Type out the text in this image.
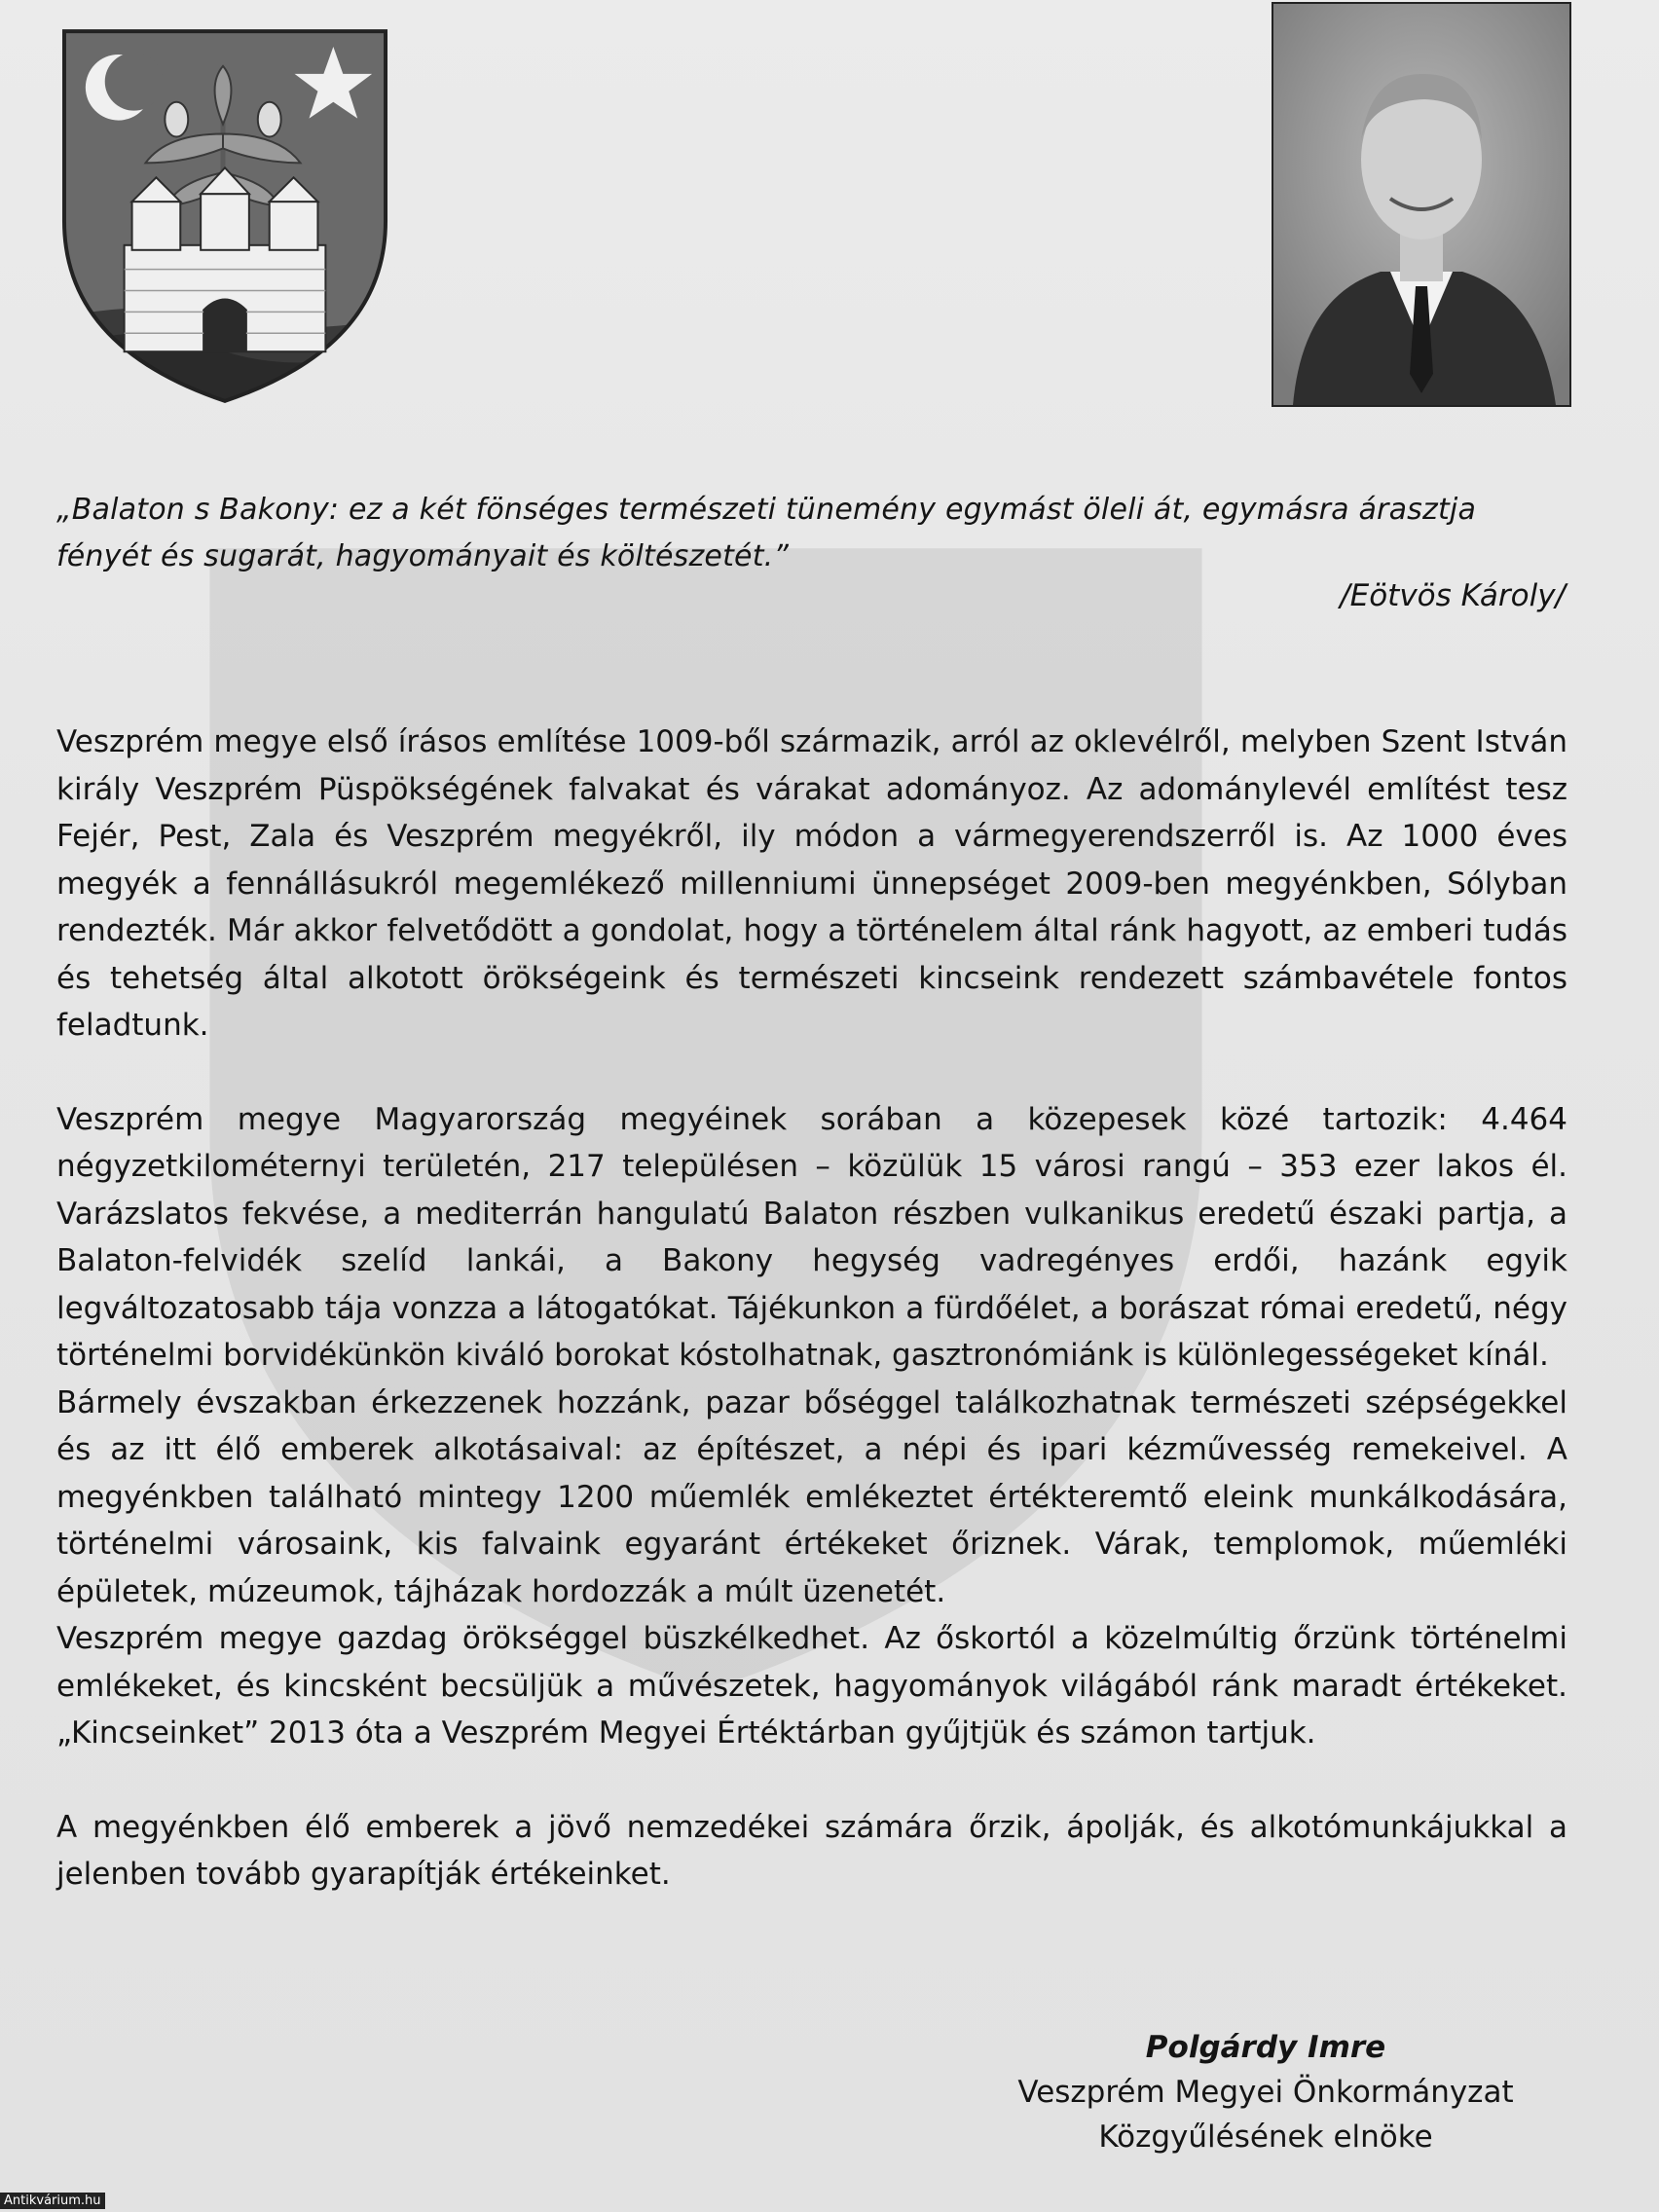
„Balaton s Bakony: ez a két fönséges természeti tünemény egymást öleli át, egymásra árasztja fényét és sugarát, hagyományait és költészetét.”
/Eötvös Károly/

Veszprém megye első írásos említése 1009-ből származik, arról az oklevélről, melyben Szent István király Veszprém Püspökségének falvakat és várakat adományoz. Az adománylevél említést tesz Fejér, Pest, Zala és Veszprém megyékről, ily módon a vármegyerendszerről is. Az 1000 éves megyék a fennállásukról megemlékező millenniumi ünnepséget 2009-ben megyénkben, Sólyban rendezték. Már akkor felvetődött a gondolat, hogy a történelem által ránk hagyott, az emberi tudás és tehetség által alkotott örökségeink és természeti kincseink rendezett számbavétele fontos feladtunk.

Veszprém megye Magyarország megyéinek sorában a közepesek közé tartozik: 4.464 négyzetkilométernyi területén, 217 településen – közülük 15 városi rangú – 353 ezer lakos él. Varázslatos fekvése, a mediterrán hangulatú Balaton részben vulkanikus eredetű északi partja, a Balaton-felvidék szelíd lankái, a Bakony hegység vadregényes erdői, hazánk egyik legváltozatosabb tája vonzza a látogatókat. Tájékunkon a fürdőélet, a borászat római eredetű, négy történelmi borvidékünkön kiváló borokat kóstolhatnak, gasztronómiánk is különlegességeket kínál.

Bármely évszakban érkezzenek hozzánk, pazar bőséggel találkozhatnak természeti szépségekkel és az itt élő emberek alkotásaival: az építészet, a népi és ipari kézművesség remekeivel. A megyénkben található mintegy 1200 műemlék emlékeztet értékteremtő eleink munkálkodására, történelmi városaink, kis falvaink egyaránt értékeket őriznek. Várak, templomok, műemléki épületek, múzeumok, tájházak hordozzák a múlt üzenetét.

Veszprém megye gazdag örökséggel büszkélkedhet. Az őskortól a közelmúltig őrzünk történelmi emlékeket, és kincsként becsüljük a művészetek, hagyományok világából ránk maradt értékeket. „Kincseinket” 2013 óta a Veszprém Megyei Értéktárban gyűjtjük és számon tartjuk.

A megyénkben élő emberek a jövő nemzedékei számára őrzik, ápolják, és alkotómunkájukkal a jelenben tovább gyarapítják értékeinket.

Polgárdy Imre
Veszprém Megyei Önkormányzat
Közgyűlésének elnöke
Antikvárium.hu
